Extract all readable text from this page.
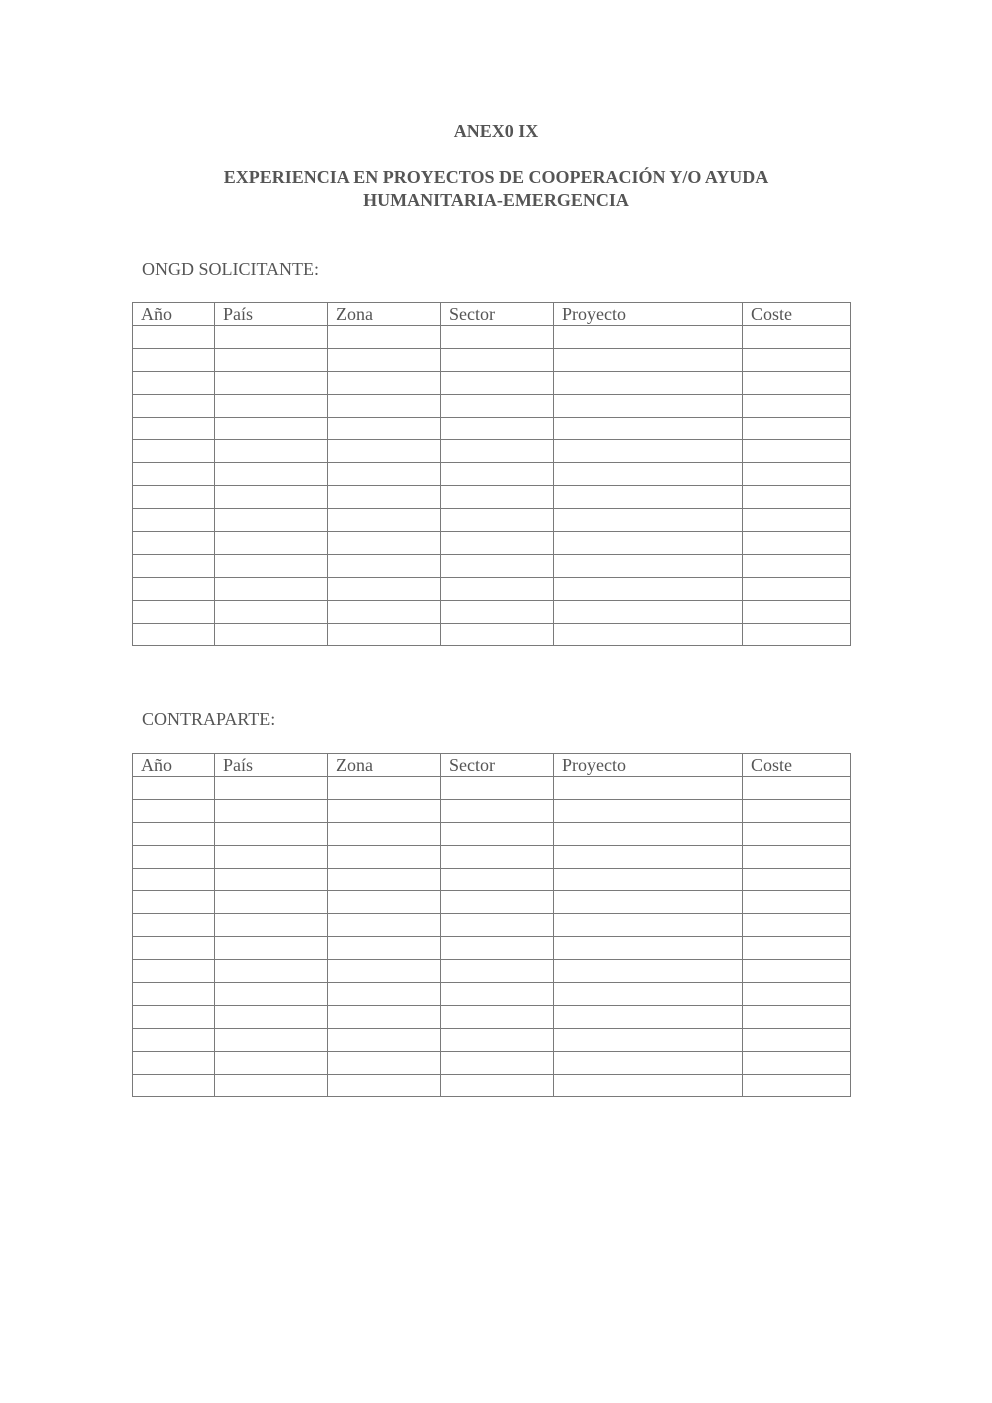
ANEX0 IX
EXPERIENCIA EN PROYECTOS DE COOPERACIÓN Y/O AYUDA
HUMANITARIA-EMERGENCIA
ONGD SOLICITANTE:
Año	País	Zona	Sector	Proyecto	Coste

CONTRAPARTE:
Año	País	Zona	Sector	Proyecto	Coste
